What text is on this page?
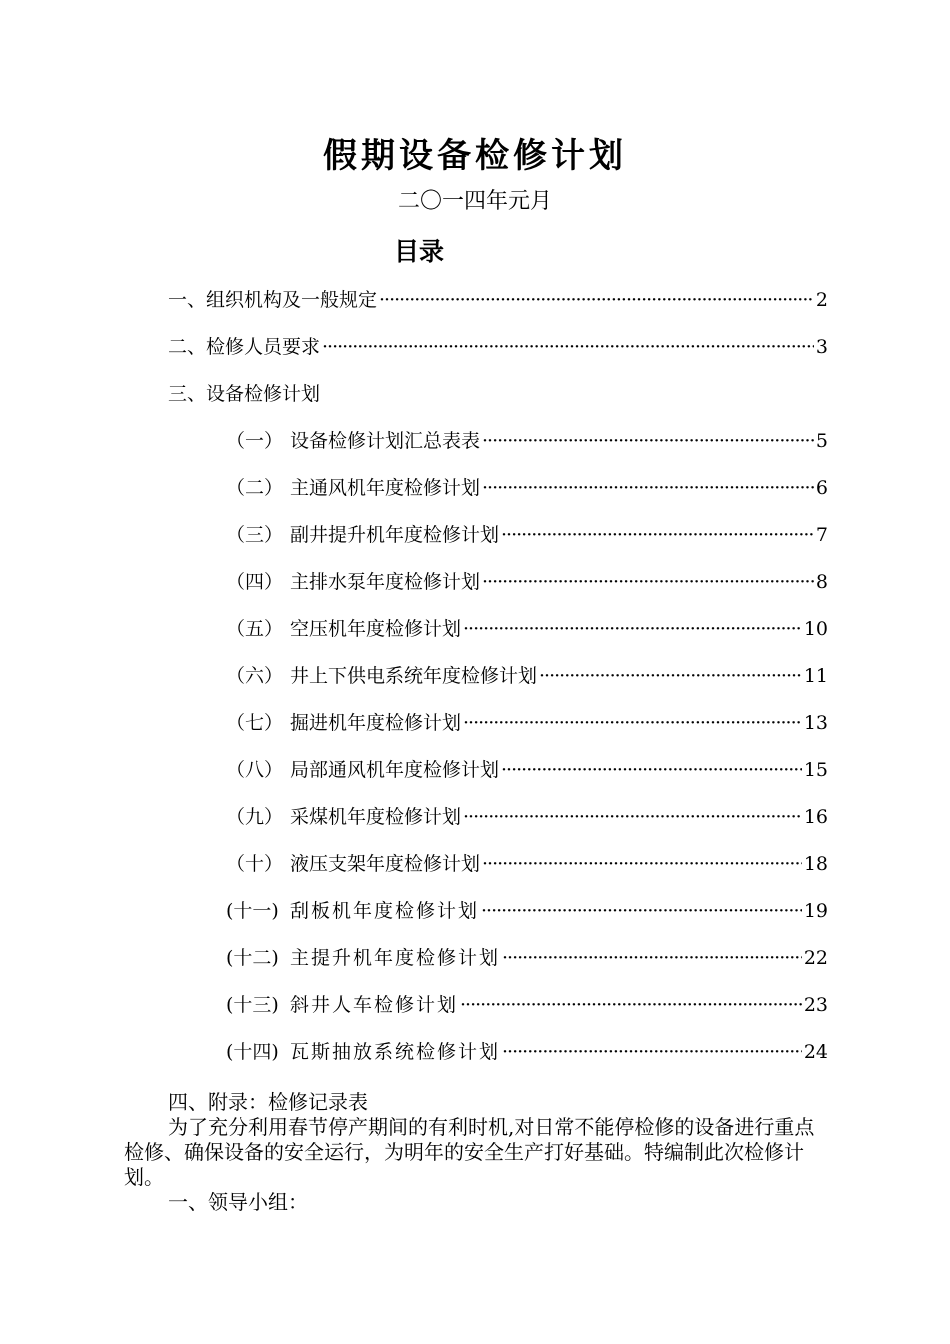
假期设备检修计划
二〇一四年元月
目录
一、组织机构及一般规定 ·····	2
二、检修人员要求 ·····	3
三、设备检修计划
（一） 设备检修计划汇总表表 ·····	5
（二） 主通风机年度检修计划 ·····	6
（三） 副井提升机年度检修计划 ·····	7
（四） 主排水泵年度检修计划 ·····	8
（五） 空压机年度检修计划 ·····	10
（六） 井上下供电系统年度检修计划 ·····	11
（七） 掘进机年度检修计划 ·····	13
（八） 局部通风机年度检修计划 ·····	15
（九） 采煤机年度检修计划 ·····	16
（十） 液压支架年度检修计划 ·····	18
(十一) 刮板机年度检修计划 ·····	19
(十二) 主提升机年度检修计划 ·····	22
(十三) 斜井人车检修计划 ·····	23
(十四) 瓦斯抽放系统检修计划 ·····	24
四、附录：检修记录表
为了充分利用春节停产期间的有利时机,对日常不能停检修的设备进行重点检修、确保设备的安全运行，为明年的安全生产打好基础。特编制此次检修计划。
一、领导小组：
